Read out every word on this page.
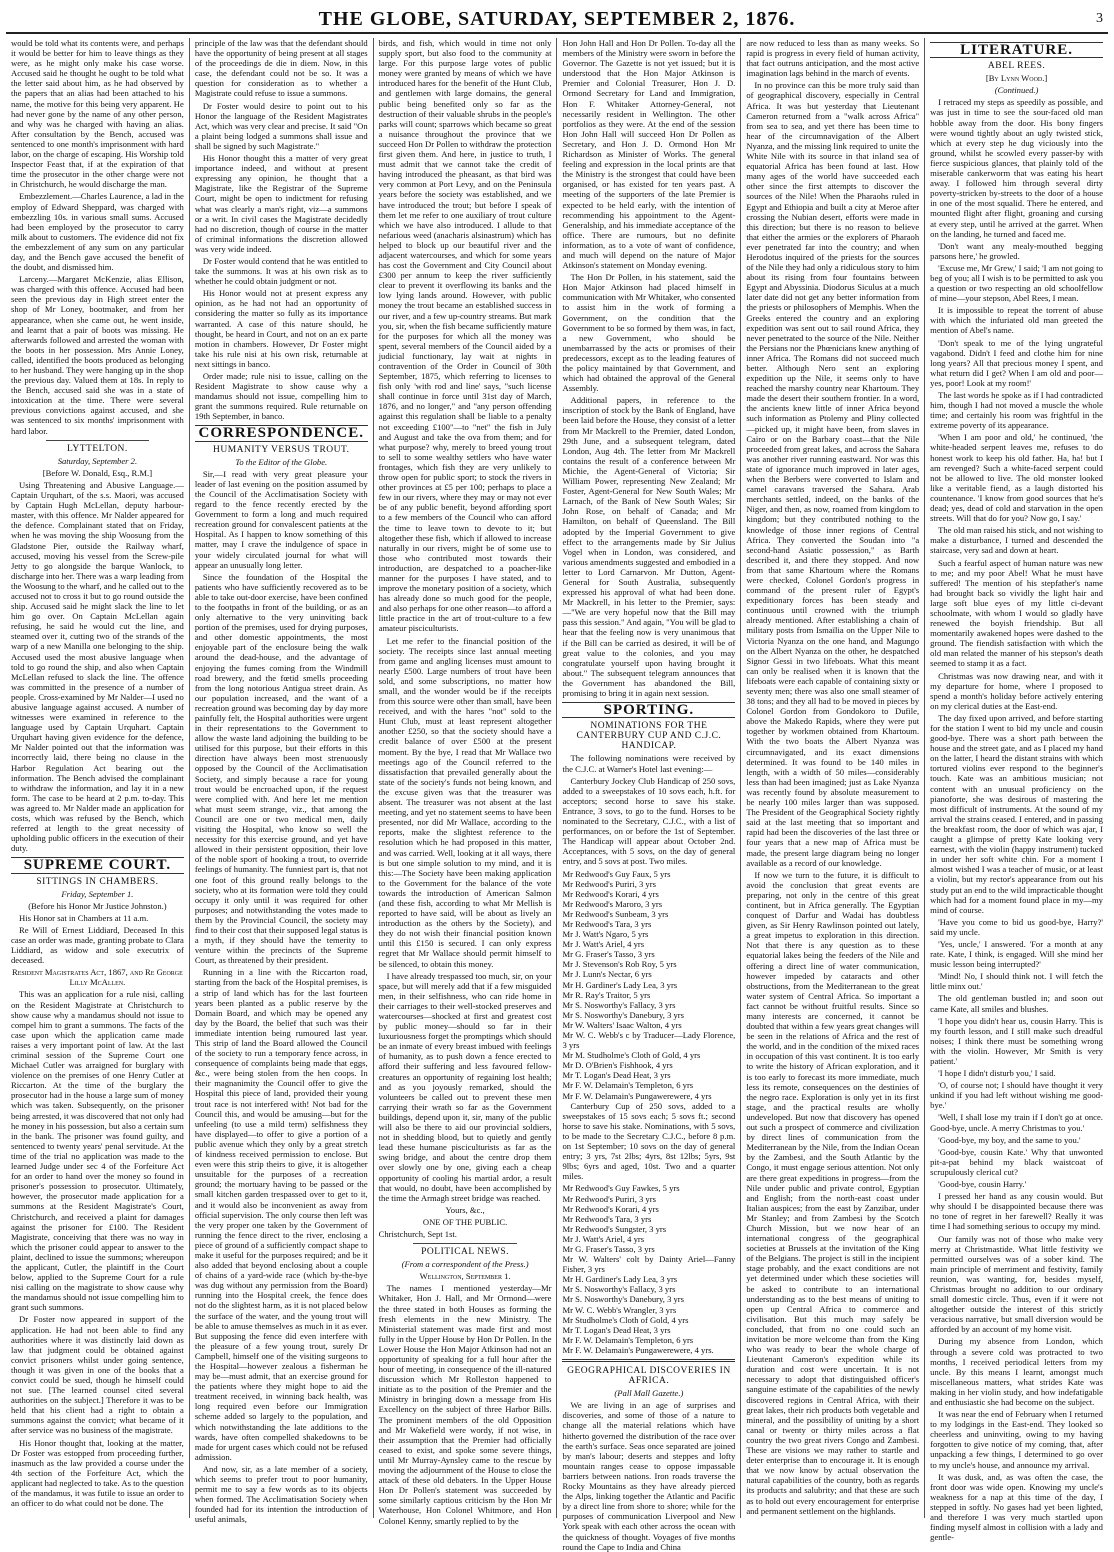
THE GLOBE, SATURDAY, SEPTEMBER 2, 1876.	3

would be told what its contents were, and perhaps it would be better for him to leave things as they were, as he might only make his case worse. Accused said he thought he ought to be told what the letter said about him, as he had observed by the papers that an alias had been attached to his name, the motive for this being very apparent. He had never gone by the name of any other person, and why was he charged with having an alias. After consultation by the Bench, accused was sentenced to one month's imprisonment with hard labor, on the charge of escaping. His Worship told Inspector Feast that, if at the expiration of that time the prosecutor in the other charge were not in Christchurch, he would discharge the man.

Embezzlement.—Charles Laurence, a lad in the employ of Edward Sheppard, was charged with embezzling 10s. in various small sums. Accused had been employed by the prosecutor to carry milk about to customers. The evidence did not fix the embezzlement of any sum on any particular day, and the Bench gave accused the benefit of the doubt, and dismissed him.

Larceny.—Margaret McKenzie, alias Ellison, was charged with this offence. Accused had been seen the previous day in High street enter the shop of Mr Loney, bootmaker, and from her appearance, when she came out, he went inside, and learnt that a pair of boots was missing. He afterwards followed and arrested the woman with the boots in her possession. Mrs Annie Loney, called, identified the boots produced as belonging to her husband. They were hanging up in the shop the previous day. Valued them at 18s. In reply to the Bench, accused said she was in a state of intoxication at the time. There were several previous convictions against accused, and she was sentenced to six months' imprisonment with hard labor.

LYTTELTON.

Saturday, September 2.

[Before W. Donald, Esq., R.M.]

Using Threatening and Abusive Language.—Captain Urquhart, of the s.s. Maori, was accused by Captain Hugh McLellan, deputy harbour-master, with this offence. Mr Nalder appeared for the defence. Complainant stated that on Friday, when he was moving the ship Woosung from the Gladstone Pier, outside the Railway wharf, accused, moving his vessel from the Screw-pile Jetty to go alongside the barque Wanlock, to discharge into her. There was a warp leading from the Woosung to the wharf, and he called out to the accused not to cross it but to go round outside the ship. Accused said he might slack the line to let him go over. On Captain McLellan again refusing, he said he would cut the line, and steamed over it, cutting two of the strands of the warp of a new Manilla one belonging to the ship. Accused used the most abusive language when told to go round the ship, and also when Captain McLellan refused to slack the line. The offence was committed in the presence of a number of people. Cross-examined by Mr Nalder—I used no abusive language against accused. A number of witnesses were examined in reference to the language used by Captain Urquhart. Captain Urquhart having given evidence for the defence, Mr Nalder pointed out that the information was incorrectly laid, there being no clause in the Harbor Regulation Act bearing out the information. The Bench advised the complainant to withdraw the information, and lay it in a new form. The case to be heard at 2 p.m. to-day. This was agreed to. Mr Nalder made an application for costs, which was refused by the Bench, which referred at length to the great necessity of upholding public officers in the execution of their duty.

SUPREME COURT.
SITTINGS IN CHAMBERS.

Friday, September 1.

(Before his Honor Mr Justice Johnston.)

His Honor sat in Chambers at 11 a.m.

Re Will of Ernest Liddiard, Deceased In this case an order was made, granting probate to Clara Liddiard, as widow and sole executrix of deceased.

Resident Magistrates Act, 1867, and Re George Lilly McAllen.

This was an application for a rule nisi, calling on the Resident Magistrate at Christchurch to show cause why a mandamus should not issue to compel him to grant a summons. The facts of the case upon which the application came made raises a very important point of law. At the last criminal session of the Supreme Court one Michael Cutler was arraigned for burglary with violence on the premises of one Henry Cutler at Riccarton. At the time of the burglary the prosecutor had in the house a large sum of money which was taken. Subsequently, on the prisoner being arrested, it was discovered that not only had he money in his possession, but also a certain sum in the bank. The prisoner was found guilty, and sentenced to twenty years' penal servitude. At the time of the trial no application was made to the learned Judge under sec 4 of the Forfeiture Act for an order to hand over the money so found in prisoner's possession to prosecutor. Ultimately, however, the prosecutor made application for a summons at the Resident Magistrate's Court, Christchurch, and received a plaint for damages against the prisoner for £100. The Resident Magistrate, conceiving that there was no way in which the prisoner could appear to answer to the plaint, declined to issue the summons; whereupon the applicant, Cutler, the plaintiff in the Court below, applied to the Supreme Court for a rule nisi calling on the magistrate to show cause why the mandamus should not issue compelling him to grant such summons.

Dr Foster now appeared in support of the application. He had not been able to find any authorities where it was distinctly laid down as law that judgment could be obtained against convict prisoners whilst under going sentence, though it was given in one of the books that a convict could be sued, though he himself could not sue. [The learned counsel cited several authorities on the subject.] Therefore it was to be held that his client had a right to obtain a summons against the convict; what became of it after service was no business of the magistrate.

His Honor thought that, looking at the matter, Dr Foster was estopped from proceeding further, inasmuch as the law provided a course under the 4th section of the Forfeiture Act, which the applicant had neglected to take. As to the question of the mandamus, it was futile to issue an order to an officer to do what could not be done. The

principle of the law was that the defendant should have the opportunity of being present at all stages of the proceedings de die in diem. Now, in this case, the defendant could not be so. It was a question for consideration as to whether a Magistrate could refuse to issue a summons.

Dr Foster would desire to point out to his Honor the language of the Resident Magistrates Act, which was very clear and precise. It said "On a plaint being lodged a summons shall issue and shall be signed by such Magistrate."

His Honor thought this a matter of very great importance indeed, and without at present expressing any opinion, he thought that a Magistrate, like the Registrar of the Supreme Court, might be open to indictment for refusing what was clearly a man's right, viz—a summons or a writ. In civil cases the Magistrate decidedly had no discretion, though of course in the matter of criminal informations the discretion allowed was very wide indeed.

Dr Foster would contend that he was entitled to take the summons. It was at his own risk as to whether he could obtain judgment or not.

His Honor would not at present express any opinion, as he had not had an opportunity of considering the matter so fully as its importance warranted. A case of this nature should, he thought, be heard in Court, and not on an ex parte motion in chambers. However, Dr Foster might take his rule nisi at his own risk, returnable at next sittings in banco.

Order made; rule nisi to issue, calling on the Resident Magistrate to show cause why a mandamus should not issue, compelling him to grant the summons required. Rule returnable on 19th September, in banco.

CORRESPONDENCE.
HUMANITY VERSUS TROUT.

To the Editor of the Globe.

Sir,—I read with very great pleasure your leader of last evening on the position assumed by the Council of the Acclimatisation Society with regard to the fence recently erected by the Government to form a long and much required recreation ground for convalescent patients at the Hospital. As I happen to know something of this matter, may I crave the indulgence of space in your widely circulated journal for what will appear an unusually long letter.

Since the foundation of the Hospital the patients who have sufficiently recovered as to be able to take out-door exercise, have been confined to the footpaths in front of the building, or as an only alternative to the very uninviting back portion of the premises, used for drying purposes, and other domestic appointments, the most enjoyable part of the enclosure being the walk around the dead-house, and the advantage of enjoying the fumes coming from the Windmill road brewery, and the fœtid smells proceeding from the long notorious Antigua street drain. As our population increased, and the want of a recreation ground was becoming day by day more painfully felt, the Hospital authorities were urgent in their representations to the Government to allow the waste land adjoining the building to be utilised for this purpose, but their efforts in this direction have always been most strenuously opposed by the Council of the Acclimatisation Society, and simply because a race for young trout would be encroached upon, if the request were complied with. And here let me mention what must seem strange, viz., that among the Council are one or two medical men, daily visiting the Hospital, who know so well the necessity for this exercise ground, and yet have allowed in their persistent opposition, their love of the noble sport of hooking a trout, to override feelings of humanity. The funniest part is, that not one foot of this ground really belongs to the society, who at its formation were told they could occupy it only until it was required for other purposes; and notwithstanding the votes made to them by the Provincial Council, the society may find to their cost that their supposed legal status is a myth, if they should have the temerity to venture within the precincts of the Supreme Court, as threatened by their president.

Running in a line with the Riccarton road, starting from the back of the Hospital premises, is a strip of land which has for the last fourteen years been planted as a public reserve by the Domain Board, and which may be opened any day by the Board, the belief that such was their immediate intention being rumoured last year. This strip of land the Board allowed the Council of the society to run a temporary fence across, in consequence of complaints being made that eggs, &c., were being stolen from the hen coops. In their magnanimity the Council offer to give the Hospital this piece of land, provided their young trout race is not interfered with! Not bad for the Council this, and would be amusing—but for the unfeeling (to use a mild term) selfishness they have displayed—to offer to give a portion of a public avenue which they only by a great stretch of kindness received permission to enclose. But even were this strip theirs to give, it is altogether unsuitable for the purposes of a recreation ground; the mortuary having to be passed or the small kitchen garden trespassed over to get to it, and it would also be inconvenient as away from official supervision. The only course then left was the very proper one taken by the Government of running the fence direct to the river, enclosing a piece of ground of a sufficiently compact shape to make it useful for the purposes required; and be it also added that beyond enclosing about a couple of chains of a yard-wide race (which by-the-bye was dug without any permission from the Board) running into the Hospital creek, the fence does not do the slightest harm, as it is not placed below the surface of the water, and the young trout will be able to amuse themselves as much in it as ever. But supposing the fence did even interfere with the pleasure of a few young trout, surely Dr Campbell, himself one of the visiting surgeons to the Hospital—however zealous a fisherman he may be—must admit, that an exercise ground for the patients where they might hope to aid the treatment received, in winning back health, was long required even before our Immigration scheme added so largely to the population, and which notwithstanding the late additions to the wards, have often compelled shakedowns to be made for urgent cases which could not be refused admission.

And now, sir, as a late member of a society, which seems to prefer trout to poor humanity, permit me to say a few words as to its objects when formed. The Acclimatisation Society when founded had for its intention the introduction of useful animals,

birds, and fish, which would in time not only supply sport, but also food to the community at large. For this purpose large votes of public money were granted by means of which we have introduced hares for the benefit of the Hunt Club, and gentlemen with large domains, the general public being benefited only so far as the destruction of their valuable shrubs in the people's parks will count; sparrows which became so great a nuisance throughout the province that we succeed Hon Dr Pollen to withdraw the protection first given them. And here, in justice to truth, I must admit that we cannot take the credit of having introduced the pheasant, as that bird was very common at Port Levy, and on the Peninsula years before the society was established, and we have introduced the trout; but before I speak of them let me refer to one auxiliary of trout culture which we have also introduced. I allude to that nefarious weed (anacharis alsinastrum) which has helped to block up our beautiful river and the adjacent watercourses, and which for some years has cost the Government and City Council about £300 per annum to keep the river sufficiently clear to prevent it overflowing its banks and the low lying lands around. However, with public money the trout became an established success in our river, and a few up-country streams. But mark you, sir, when the fish became sufficiently mature for the purposes for which all the money was spent, several members of the Council aided by a judicial functionary, lay wait at nights in contravention of the Order in Council of 30th September, 1875, which referring to licenses to fish only 'with rod and line' says, "such license shall continue in force until 31st day of March, 1876, and no longer," and "any person offending against this regulation shall be liable to a penalty not exceeding £100"—to "net" the fish in July and August and take the ova from them; and for what purpose? why, merely to breed young trout to sell to some wealthy settlers who have water frontages, which fish they are very unlikely to throw open for public sport; to stock the rivers in other provinces at £5 per 100; perhaps to place a few in our rivers, where they may or may not ever be of any public benefit, beyond affording sport to a few members of the Council who can afford the time to leave town to devote to it; but altogether these fish, which if allowed to increase naturally in our rivers, might be of some use to those who contributed most towards their introduction, are despatched to a poacher-like manner for the purposes I have stated, and to improve the monetary position of a society, which has already done so much good for the people, and also perhaps for one other reason—to afford a little practice in the art of trout-culture to a few amateur pisciculturists.

Let me refer to the financial position of the society. The receipts since last annual meeting from game and angling licenses must amount to nearly £500. Large numbers of trout have been sold, and some subscriptions, no matter how small, and the wonder would be if the receipts from this source were other than small, have been received, and with the hares "not" sold to the Hunt Club, must at least represent altogether another £250, so that the society should have a credit balance of over £500 at the present moment. By the bye, I read that Mr Wallace two meetings ago of the Council referred to the dissatisfaction that prevailed generally about the state of the society's funds not being known, and the excuse given was that the treasurer was absent. The treasurer was not absent at the last meeting, and yet no statement seems to have been presented, nor did Mr Wallace, according to the reports, make the slightest reference to the resolution which he had proposed in this matter, and was carried. Well, looking at it all ways, there is but one simple solution to my mind, and it is this:—The Society have been making application to the Government for the balance of the vote towards the introduction of American Salmon (and these fish, according to what Mr Mellish is reported to have said, will be about as lively an introduction as the others by the Society), and they do not wish their financial position known until this £150 is secured. I can only express regret that Mr Wallace should permit himself to be silenced, to obtain this money.

I have already trespassed too much, sir, on your space, but will merely add that if a few misguided men, in their selfishness, who can ride home in their carriages to their well-stocked preserves and watercourses—shocked at first and greatest cost by public money—should so far in their luxuriousness forget the promptings which should be an inmate of every breast imbued with feelings of humanity, as to push down a fence erected to afford their suffering and less favoured fellow-creatures an opportunity of regaining lost health; and as you joyously remarked, should the volunteers be called out to prevent these men carrying their wrath so far as the Government buildings, depend upon it, sir, many of the public will also be there to aid our provincial soldiers, not in shedding blood, but to quietly and gently lead these humane pisciculturists as far as the swing bridge, and about the centre drop them over slowly one by one, giving each a cheap opportunity of cooling his martial ardor, a result that would, no doubt, have been accomplished by the time the Armagh street bridge was reached.

Yours, &c.,

ONE OF THE PUBLIC.

Christchurch, Sept 1st.

POLITICAL NEWS.

(From a correspondent of the Press.)

Wellington, September 1.

The names I mentioned yesterday—Mr Whitaker, Hon J. Hall, and Mr Ormond—were the three stated in both Houses as forming the fresh elements in the new Ministry. The Ministerial statement was made first and most fully in the Upper House by Hon Dr Pollen. In the Lower House the Hon Major Atkinson had not an opportunity of speaking for a full hour after the hour of meeting, in consequence of the ill-natured discussion which Mr Rolleston happened to initiate as to the position of the Premier and the Ministry in bringing down a message from His Excellency on the subject of three Harbor Bills. The prominent members of the old Opposition and Mr Wakefield were wordy, if not wise, in their assumption that the Premier had officially ceased to exist, and spoke some severe things, until Mr Murray-Aynsley came to the rescue by moving the adjournment of the House to close the attack of these old debaters. In the Upper House Hon Dr Pollen's statement was succeeded by some similarly captious criticism by the Hon Mr Waterhouse, Hon Colonel Whitmore, and Hon Colonel Kenny, smartly replied to by the

Hon John Hall and Hon Dr Pollen. To-day all the members of the Ministry were sworn in before the Governor. The Gazette is not yet issued; but it is understood that the Hon Major Atkinson is Premier and Colonial Treasurer, Hon J. D. Ormond Secretary for Land and Immigration, Hon F. Whitaker Attorney-General, not necessarily resident in Wellington. The other portfolios as they were. At the end of the session Hon John Hall will succeed Hon Dr Pollen as Secretary, and Hon J. D. Ormond Hon Mr Richardson as Minister of Works. The general feeling and expression in the local prints are that the Ministry is the strongest that could have been organised, or has existed for ten years past. A meeting of the supporters of the late Premier is expected to be held early, with the intention of recommending his appointment to the Agent-Generalship, and his immediate acceptance of the office. There are rumours, but no definite information, as to a vote of want of confidence, and much will depend on the nature of Major Atkinson's statement on Monday evening.

The Hon Dr Pollen, in his statement, said the Hon Major Atkinson had placed himself in communication with Mr Whitaker, who consented to assist him in the work of forming a Government, on the condition that the Government to be so formed by them was, in fact, a new Government, who should be unembarrassed by the acts or promises of their predecessors, except as to the leading features of the policy maintained by that Government, and which had obtained the approval of the General Assembly.

Additional papers, in reference to the inscription of stock by the Bank of England, have been laid before the House, they consist of a letter from Mr Mackrell to the Premier, dated London, 29th June, and a subsequent telegram, dated London, Aug 4th. The letter from Mr Mackrell contains the result of a conference between Mr Michie, the Agent-General of Victoria; Sir William Power, representing New Zealand; Mr Foster, Agent-General for New South Wales; Mr Larnach, of the Bank of New South Wales; Sir John Rose, on behalf of Canada; and Mr Hamilton, on behalf of Queensland. The Bill adopted by the Imperial Government to give effect to the arrangements made by Sir Julius Vogel when in London, was considered, and various amendments suggested and embodied in a letter to Lord Carnarvon. Mr Dutton, Agent-General for South Australia, subsequently expressed his approval of what had been done. Mr Mackrell, in his letter to the Premier, says:—"We are very hopeful now that the Bill may pass this session." And again, "You will be glad to hear that the feeling now is very unanimous that if the Bill can be carried as desired, it will be of great value to the colonies, and you may congratulate yourself upon having brought it about." The subsequent telegram announces that the Government has abandoned the Bill, promising to bring it in again next session.

SPORTING.
NOMINATIONS FOR THE CANTERBURY CUP AND C.J.C. HANDICAP.

The following nominations were received by the C.J.C. at Warner's Hotel last evening:—

Canterbury Jockey Club Handicap of 250 sovs, added to a sweepstakes of 10 sovs each, h.ft. for acceptors; second horse to save his stake. Entrance, 3 sovs, to go to the fund. Horses to be nominated to the Secretary, C.J.C., with a list of performances, on or before the 1st of September. The Handicap will appear about October 2nd. Acceptances, with 5 sovs, on the day of general entry, and 5 sovs at post. Two miles.

Mr Redwood's Guy Faux, 5 yrs

Mr Redwood's Puriri, 3 yrs

Mr Redwood's Korari, 4 yrs

Mr Redwood's Maroro, 3 yrs

Mr Redwood's Sunbeam, 3 yrs

Mr Redwood's Tara, 3 yrs

Mr J. Watt's Ngaro, 5 yrs

Mr J. Watt's Ariel, 4 yrs

Mr G. Fraser's Tasso, 3 yrs

Mr J. Stevenson's Rob Roy, 5 yrs

Mr J. Lunn's Nectar, 6 yrs

Mr H. Gardiner's Lady Lea, 3 yrs

Mr R. Ray's Traitor, 5 yrs

Mr S. Nosworthy's Fallacy, 3 yrs

Mr S. Nosworthy's Danebury, 3 yrs

Mr W. Walters' Isaac Walton, 4 yrs

Mr W. C. Webb's c by Traducer—Lady Florence, 3 yrs

Mr M. Studholme's Cloth of Gold, 4 yrs

Mr D. O'Brien's Fishhook, 4 yrs

Mr T. Logan's Dead Heat, 3 yrs

Mr F. W. Delamain's Templeton, 6 yrs

Mr F. W. Delamain's Pungawerewere, 4 yrs

Canterbury Cup of 250 sovs, added to a sweepstakes of 15 sovs each; 5 sovs ft.; second horse to save his stake. Nominations, with 5 sovs, to be made to the Secretary C.J.C., before 8 p.m. on 1st September; 10 sovs on the day of general entry; 3 yrs, 7st 2lbs; 4yrs, 8st 12lbs; 5yrs, 9st 9lbs; 6yrs and aged, 10st. Two and a quarter miles.

Mr Redwood's Guy Fawkes, 5 yrs

Mr Redwood's Puriri, 3 yrs

Mr Redwood's Korari, 4 yrs

Mr Redwood's Tara, 3 yrs

Mr Redwood's Sungster, 3 yrs

Mr J. Watt's Ariel, 4 yrs

Mr G. Fraser's Tasso, 3 yrs

Mr W. Walters' colt by Dainty Ariel—Fanny Fisher, 3 yrs

Mr H. Gardiner's Lady Lea, 3 yrs

Mr S. Nosworthy's Fallacy, 3 yrs

Mr S. Nosworthy's Danebury, 3 yrs

Mr W. C. Webb's Wrangler, 3 yrs

Mr Studholme's Cloth of Gold, 4 yrs

Mr T. Logan's Dead Heat, 3 yrs

Mr F. W. Delamain's Templeton, 6 yrs

Mr F. W. Delamain's Pungawerewere, 4 yrs.

GEOGRAPHICAL DISCOVERIES IN AFRICA.

(Pall Mall Gazette.)

We are living in an age of surprises and discoveries, and some of those of a nature to change all the material relations which have hitherto governed the distribution of the race over the earth's surface. Seas once separated are joined by man's labour; deserts and steppes and lofty mountain ranges cease to oppose impassable barriers between nations. Iron roads traverse the Rocky Mountains as they have already pierced the Alps, linking together the Atlantic and Pacific by a direct line from shore to shore; while for the purposes of communication Liverpool and New York speak with each other across the ocean with the quickness of thought. Voyages of five months round the Cape to India and China

are now reduced to less than as many weeks. So rapid is progress in every field of human activity, that fact outruns anticipation, and the most active imagination lags behind in the march of events.

In no province can this be more truly said than of geographical discovery, especially in Central Africa. It was but yesterday that Lieutenant Cameron returned from a "walk across Africa" from sea to sea, and yet there has been time to hear of the circumnavigation of the Albert Nyanza, and the missing link required to unite the White Nile with its source in that inland sea of equatorial Africa has been found at last. How many ages of the world have succeeded each other since the first attempts to discover the sources of the Nile! When the Pharaohs ruled in Egypt and Ethiopia and built a city at Meroe after crossing the Nubian desert, efforts were made in this direction; but there is no reason to believe that either the armies or the explorers of Pharaoh ever penetrated far into the country; and when Herodotus inquired of the priests for the sources of the Nile they had only a ridiculous story to him about its rising from four fountains between Egypt and Abyssinia. Diodorus Siculus at a much later date did not get any better information from the priests or philosophers of Memphis. When the Greeks entered the country and an exploring expedition was sent out to sail round Africa, they never penetrated to the source of the Nile. Neither the Persians nor the Phœnicians knew anything of inner Africa. The Romans did not succeed much better. Although Nero sent an exploring expedition up the Nile, it seems only to have reached the marshy country near Khartoum. They made the desert their southern frontier. In a word, the ancients knew little of inner Africa beyond such information as Ptolemy and Pliny collected—picked up, it might have been, from slaves in Cairo or on the Barbary coast—that the Nile proceeded from great lakes, and across the Sahara was another river running eastward. Nor was this state of ignorance much improved in later ages, when the Berbers were converted to Islam and camel caravans traversed the Sahara. Arab merchants settled, indeed, on the banks of the Niger, and then, as now, roamed from kingdom to kingdom; but they contributed nothing to the knowledge of those inner regions of Central Africa. They converted the Soudan into "a second-hand Asiatic possession," as Barth described it, and there they stopped. And now from that same Khartoum where the Romans were checked, Colonel Gordon's progress in command of the present ruler of Egypt's expeditionary forces has been steady and continuous until crowned with the triumph already mentioned. After establishing a chain of military posts from Ismaïlia on the Upper Nile to Victoria Nyanza on the one hand, and Magungo on the Albert Nyanza on the other, he despatched Signor Gessi in two lifeboats. What this meant can only be realised when it is known that the lifeboats were each capable of containing sixty or seventy men; there was also one small steamer of 38 tons; and they all had to be moved in pieces by Colonel Gordon from Gondokoro to Dufile, above the Makedo Rapids, where they were put together by workmen obtained from Khartoum. With the two boats the Albert Nyanza was circumnavigated, and its exact dimensions determined. It was found to be 140 miles in length, with a width of 50 miles—considerably less than had been imagined; just as Lake Nyanza was recently found by absolute measurement to be nearly 100 miles larger than was supposed. The President of the Geographical Society rightly said at the last meeting that so important and rapid had been the discoveries of the last three or four years that a new map of Africa must be made, the present large diagram being no longer available as a record of our knowledge.

If now we turn to the future, it is difficult to avoid the conclusion that great events are preparing, not only in the centre of this great continent, but in Africa generally. The Egyptian conquest of Darfur and Wadai has doubtless given, as Sir Henry Rawlinson pointed out lately, a great impetus to exploration in this direction. Not that there is any question as to these equatorial lakes being the feeders of the Nile and offering a direct line of water communication, however impeded by cataracts and other obstructions, from the Mediterranean to the great water system of Central Africa. So important a fact cannot be without fruitful results. Since so many interests are concerned, it cannot be doubted that within a few years great changes will be seen in the relations of Africa and the rest of the world, and in the condition of the mixed races in occupation of this vast continent. It is too early to write the history of African exploration, and it is too early to forecast its more immediate, much less its remote, consequences on the destinies of the negro race. Exploration is only yet in its first stage, and the practical results are wholly undeveloped. But now that discovery has opened out such a prospect of commerce and civilization by direct lines of communication from the Mediterranean by the Nile, from the Indian Ocean by the Zambesi, and the South Atlantic by the Congo, it must engage serious attention. Not only are there great expeditions in progress—from the Nile under public and private control, Egyptian and English; from the north-east coast under Italian auspices; from the east by Zanzibar, under Mr Stanley; and from Zambesi by the Scotch Church Mission, but we now hear of an international congress of the geographical societies at Brussels at the invitation of the King of the Belgians. The project is still in the incipient stage probably, and the exact conditions are not yet determined under which these societies will be asked to contribute to an international understanding as to the best means of uniting to open up Central Africa to commerce and civilisation. But this much may safely be concluded, that from no one could such an invitation be more welcome than from the King who was ready to bear the whole charge of Lieutenant Cameron's expedition while its duration and cost were uncertain. It is not necessary to adopt that distinguished officer's sanguine estimate of the capabilities of the newly discovered regions in Central Africa, with their great lakes, their rich products both vegetable and mineral, and the possibility of uniting by a short canal or twenty or thirty miles across a flat country the two great rivers Congo and Zambesi. These are visions we may rather to startle and deter enterprise than to encourage it. It is enough that we now know by actual observation the natural capabilities of the country, both as regards its products and salubrity; and that these are such as to hold out every encouragement for enterprise and permanent settlement on the highlands.

LITERATURE.
ABEL REES.

[By Lynn Wood.]

(Continued.)

I retraced my steps as speedily as possible, and was just in time to see the sour-faced old man hobble away from the door. His bony fingers were wound tightly about an ugly twisted stick, which at every step he dug viciously into the ground, whilst he scowled every passer-by with fierce suspicious glances, that plainly told of the miserable cankerworm that was eating his heart away. I followed him through several dirty poverty-stricken by-streets to the door of a house in one of the most squalid. There he entered, and mounted flight after flight, groaning and cursing at every step, until he arrived at the garret. When on the landing, he turned and faced me.

'Don't want any mealy-mouthed begging parsons here,' he growled.

'Excuse me, Mr Grew,' I said; 'I am not going to beg of you; all I wish is to be permitted to ask you a question or two respecting an old schoolfellow of mine—your stepson, Abel Rees, I mean.

It is impossible to repeat the torrent of abuse with which the infuriated old man greeted the mention of Abel's name.

'Don't speak to me of the lying ungrateful vagabond. Didn't I feed and clothe him for nine long years? All that precious money I spent, and what return did I get? When I am old and poor—yes, poor! Look at my room!'

The last words he spoke as if I had contradicted him, though I had not moved a muscle the whole time; and certainly his room was frightful in the extreme poverty of its appearance.

'When I am poor and old,' he continued, 'the white-headed serpent leaves me, refuses to do honest work to keep his old father. Ha, ha! but I am revenged? Such a white-faced serpent could not be allowed to live. The old monster looked like a veritable fiend, as a laugh distorted his countenance. 'I know from good sources that he's dead; yes, dead of cold and starvation in the open streets. Will that do for you? Now go, I say.'

The old man raised his stick, and not wishing to make a disturbance, I turned and descended the staircase, very sad and down at heart.

Such a fearful aspect of human nature was new to me; and my poor Abel! What he must have suffered! The mention of his stepfather's name had brought back so vividly the light hair and large soft blue eyes of my little ci-devant schoolmate, with whom I would so gladly have renewed the boyish friendship. But all momentarily awakened hopes were dashed to the ground. The fiendish satisfaction with which the old man related the manner of his stepson's death seemed to stamp it as a fact.

Christmas was now drawing near, and with it my departure for home, where I proposed to spend a month's holiday before actively entering on my clerical duties at the East-end.

The day fixed upon arrived, and before starting for the station I went to bid my uncle and cousin good-bye. There was a short path between the house and the street gate, and as I placed my hand on the latter, I heard the distant strains with which tortured violins ever respond to the beginner's touch. Kate was an ambitious musician; not content with an unusual proficiency on the pianoforte, she was desirous of mastering the most difficult of instruments. At the sound of my arrival the strains ceased. I entered, and in passing the breakfast room, the door of which was ajar, I caught a glimpse of pretty Kate looking very earnest, with the violin (happy instrument) tucked in under her soft white chin. For a moment I almost wished I was a teacher of music, or at least a violin, but my rector's appearance from out his study put an end to the wild impracticable thought which had for a moment found place in my—my mind of course.

'Have you come to bid us good-bye, Harry?' said my uncle.

'Yes, uncle,' I answered. 'For a month at any rate. Kate, I think, is engaged. Will she mind her music lesson being interrupted?'

'Mind! No, I should think not. I will fetch the little minx out.'

The old gentleman bustled in; and soon out came Kate, all smiles and blushes.

'I hope you didn't hear us, cousin Harry. This is my fourth lesson, and I still make such dreadful noises; I think there must be something wrong with the violin. However, Mr Smith is very patient.'

'I hope I didn't disturb you,' I said.

'O, of course not; I should have thought it very unkind if you had left without wishing me good-bye.'

'Well, I shall lose my train if I don't go at once. Good-bye, uncle. A merry Christmas to you.'

'Good-bye, my boy, and the same to you.'

'Good-bye, cousin Kate.' Why that unwonted pit-a-pat behind my black waistcoat of scrupulously clerical cut?

'Good-bye, cousin Harry.'

I pressed her hand as any cousin would. But why should I be disappointed because there was no tone of regret in her farewell? Really it was time I had something serious to occupy my mind.

Our family was not of those who make very merry at Christmastide. What little festivity we permitted ourselves was of a sober kind. The main principle of merriment and festivity, family reunion, was wanting, for, besides myself, Christmas brought no addition to our ordinary small domestic circle. Thus, even if it were not altogether outside the interest of this strictly veracious narrative, but small diversion would be afforded by an account of my home visit.

During my absence from London, which through a severe cold was protracted to two months, I received periodical letters from my uncle. By this means I learnt, amongst much miscellaneous matters, what strides Kate was making in her violin study, and how indefatigable and enthusiastic she had become on the subject.

It was near the end of February when I returned to my lodgings in the East-end. They looked so cheerless and uninviting, owing to my having forgotten to give notice of my coming, that, after unpacking a few things, I determined to go over to my uncle's house, and announce my arrival.

It was dusk, and, as was often the case, the front door was wide open. Knowing my uncle's weakness for a nap at this time of the day, I stepped in softly. No gases had yet been lighted, and therefore I was very much startled upon finding myself almost in collision with a lady and gentle-
